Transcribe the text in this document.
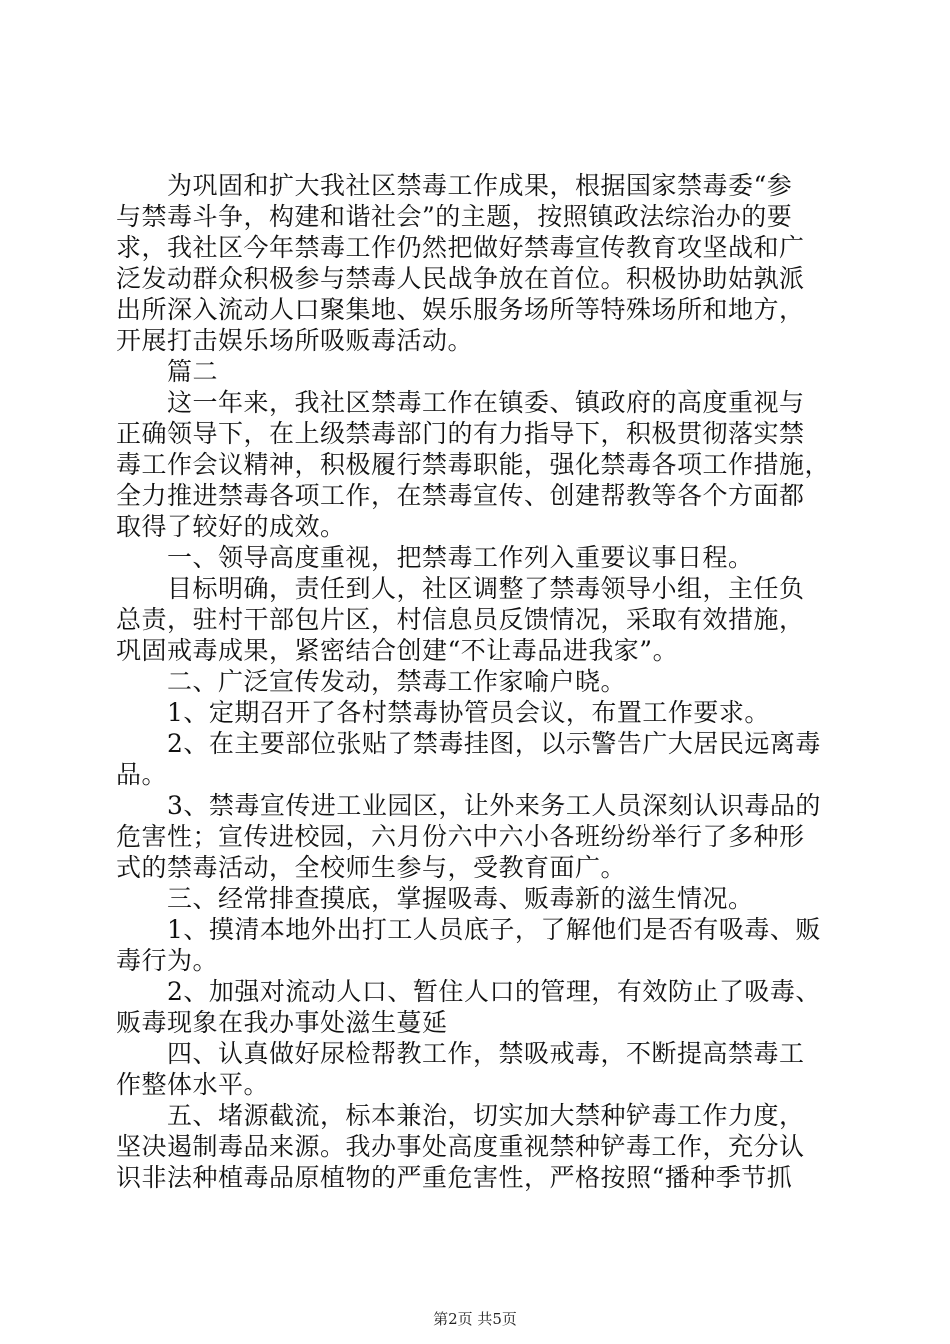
　　为巩固和扩大我社区禁毒工作成果，根据国家禁毒委“参
与禁毒斗争，构建和谐社会”的主题，按照镇政法综治办的要
求，我社区今年禁毒工作仍然把做好禁毒宣传教育攻坚战和广
泛发动群众积极参与禁毒人民战争放在首位。积极协助姑孰派
出所深入流动人口聚集地、娱乐服务场所等特殊场所和地方，
开展打击娱乐场所吸贩毒活动。
　　篇二
　　这一年来，我社区禁毒工作在镇委、镇政府的高度重视与
正确领导下，在上级禁毒部门的有力指导下，积极贯彻落实禁
毒工作会议精神，积极履行禁毒职能，强化禁毒各项工作措施，
全力推进禁毒各项工作，在禁毒宣传、创建帮教等各个方面都
取得了较好的成效。
　　一、领导高度重视，把禁毒工作列入重要议事日程。
　　目标明确，责任到人，社区调整了禁毒领导小组，主任负
总责，驻村干部包片区，村信息员反馈情况，采取有效措施，
巩固戒毒成果，紧密结合创建“不让毒品进我家”。
　　二、广泛宣传发动，禁毒工作家喻户晓。
　　1、定期召开了各村禁毒协管员会议，布置工作要求。
　　2、在主要部位张贴了禁毒挂图，以示警告广大居民远离毒
品。
　　3、禁毒宣传进工业园区，让外来务工人员深刻认识毒品的
危害性；宣传进校园，六月份六中六小各班纷纷举行了多种形
式的禁毒活动，全校师生参与，受教育面广。
　　三、经常排查摸底，掌握吸毒、贩毒新的滋生情况。
　　1、摸清本地外出打工人员底子，了解他们是否有吸毒、贩
毒行为。
　　2、加强对流动人口、暂住人口的管理，有效防止了吸毒、
贩毒现象在我办事处滋生蔓延
　　四、认真做好尿检帮教工作，禁吸戒毒，不断提高禁毒工
作整体水平。
　　五、堵源截流，标本兼治，切实加大禁种铲毒工作力度，
坚决遏制毒品来源。我办事处高度重视禁种铲毒工作，充分认
识非法种植毒品原植物的严重危害性，严格按照“播种季节抓
第2页 共5页
